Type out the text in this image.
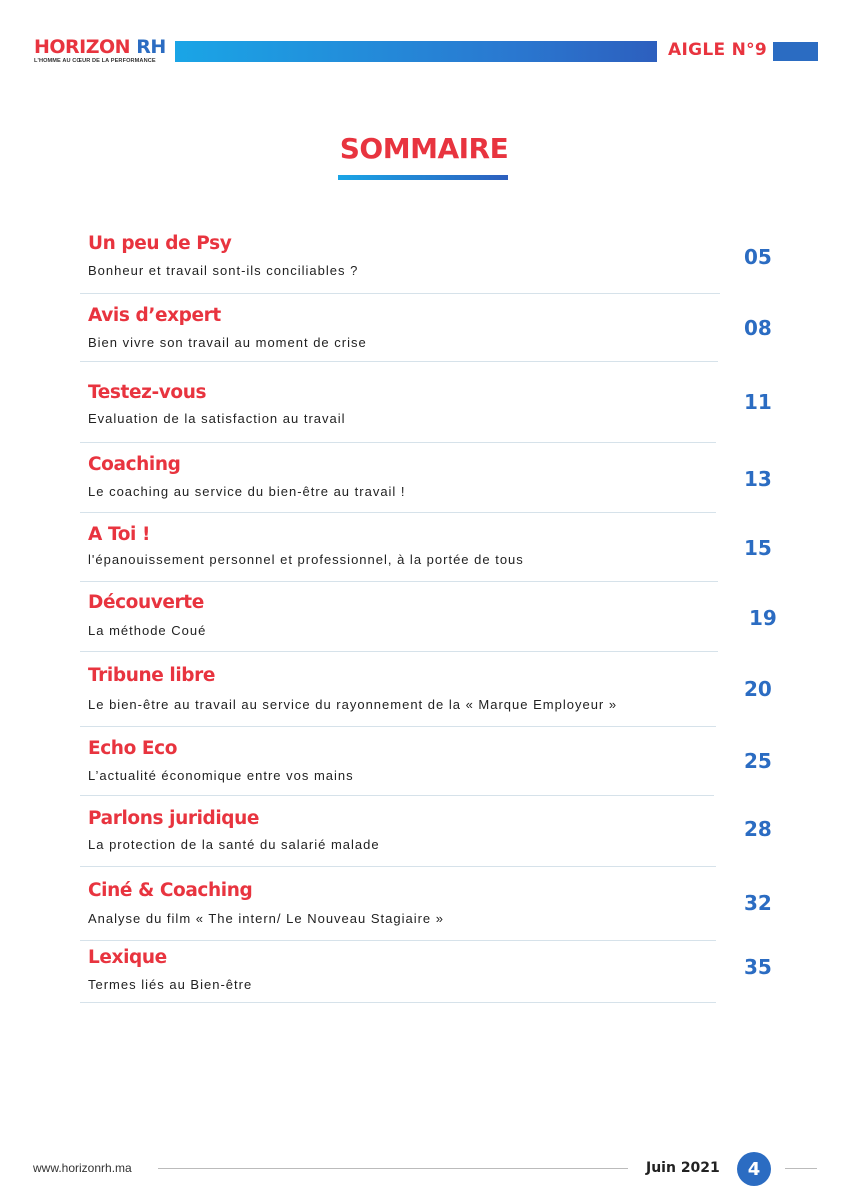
HORIZON RH
L'HOMME AU CŒUR DE LA PERFORMANCE
AIGLE N°9
SOMMAIRE
Un peu de Psy
Bonheur et travail sont-ils conciliables ?
05
Avis d’expert
Bien vivre son travail au moment de crise
08
Testez-vous
Evaluation de la satisfaction au travail
11
Coaching
Le coaching au service du bien-être au travail !
13
A Toi !
l'épanouissement personnel et professionnel, à la portée de tous	15
Découverte
La méthode Coué
19
Tribune libre
Le bien-être au travail au service du rayonnement de la « Marque Employeur »
20
Echo Eco
L’actualité économique entre vos mains
25
Parlons juridique
La protection de la santé du salarié malade
28
Ciné & Coaching
Analyse du film « The intern/ Le Nouveau Stagiaire »
32
Lexique
Termes liés au Bien-être
35
www.horizonrh.ma	Juin 2021	4
